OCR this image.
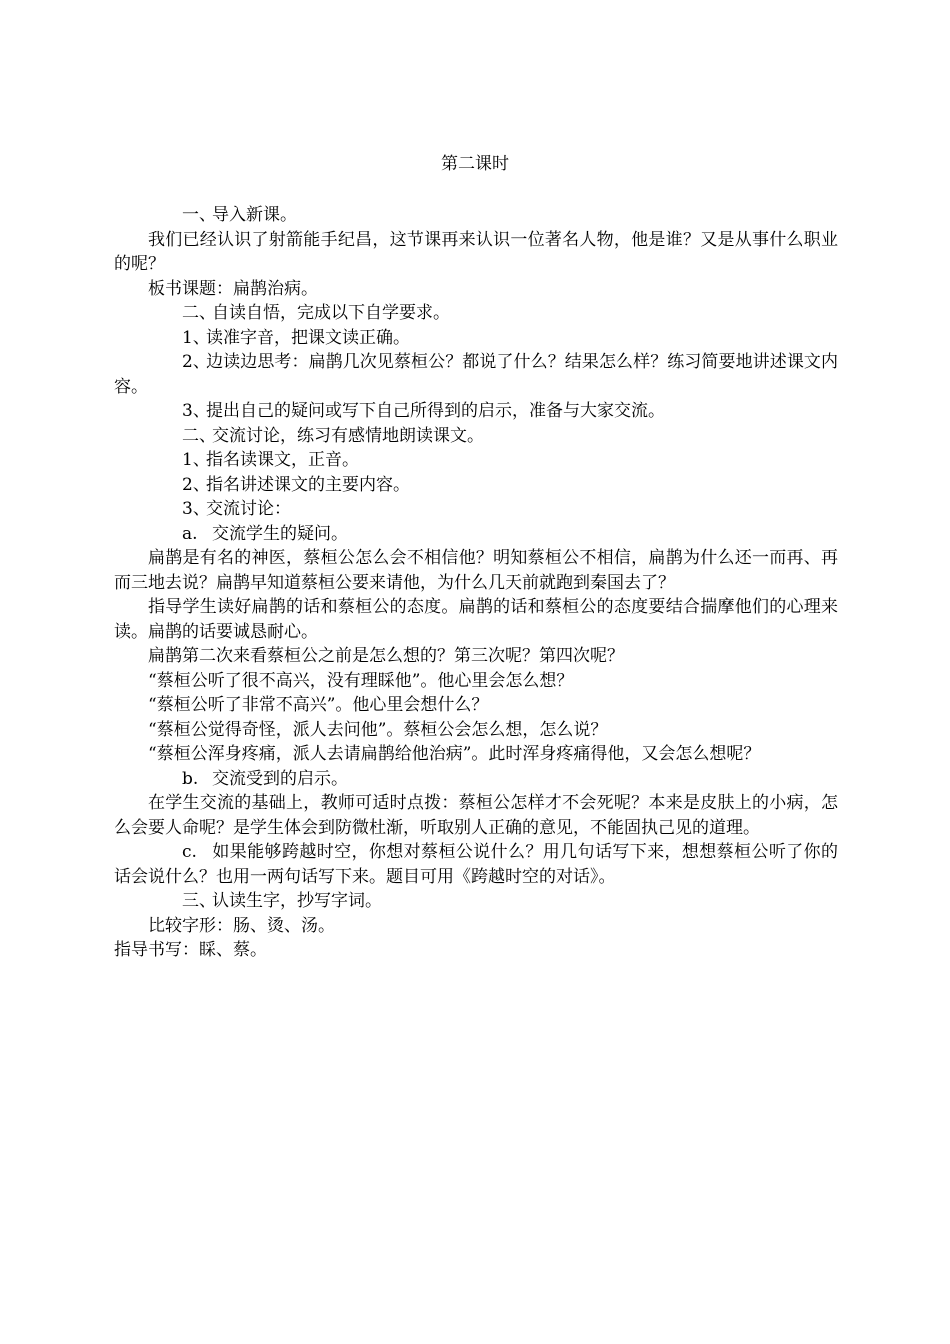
第二课时

一、导入新课。

我们已经认识了射箭能手纪昌，这节课再来认识一位著名人物，他是谁？又是从事什么职业的呢？

板书课题：扁鹊治病。

二、自读自悟，完成以下自学要求。

1、读准字音，把课文读正确。

2、边读边思考：扁鹊几次见蔡桓公？都说了什么？结果怎么样？练习简要地讲述课文内容。

3、提出自己的疑问或写下自己所得到的启示，准备与大家交流。

二、交流讨论，练习有感情地朗读课文。

1、指名读课文，正音。

2、指名讲述课文的主要内容。

3、交流讨论：

a. 交流学生的疑问。

扁鹊是有名的神医，蔡桓公怎么会不相信他？明知蔡桓公不相信，扁鹊为什么还一而再、再而三地去说？扁鹊早知道蔡桓公要来请他，为什么几天前就跑到秦国去了？

指导学生读好扁鹊的话和蔡桓公的态度。扁鹊的话和蔡桓公的态度要结合揣摩他们的心理来读。扁鹊的话要诚恳耐心。

扁鹊第二次来看蔡桓公之前是怎么想的？第三次呢？第四次呢？

“蔡桓公听了很不高兴，没有理睬他”。他心里会怎么想？

“蔡桓公听了非常不高兴”。他心里会想什么？

“蔡桓公觉得奇怪，派人去问他”。蔡桓公会怎么想，怎么说？

“蔡桓公浑身疼痛，派人去请扁鹊给他治病”。此时浑身疼痛得他，又会怎么想呢？

b. 交流受到的启示。

在学生交流的基础上，教师可适时点拨：蔡桓公怎样才不会死呢？本来是皮肤上的小病，怎么会要人命呢？是学生体会到防微杜渐，听取别人正确的意见，不能固执己见的道理。

c. 如果能够跨越时空，你想对蔡桓公说什么？用几句话写下来，想想蔡桓公听了你的话会说什么？也用一两句话写下来。题目可用《跨越时空的对话》。

三、认读生字，抄写字词。

比较字形：肠、烫、汤。

指导书写：睬、蔡。
